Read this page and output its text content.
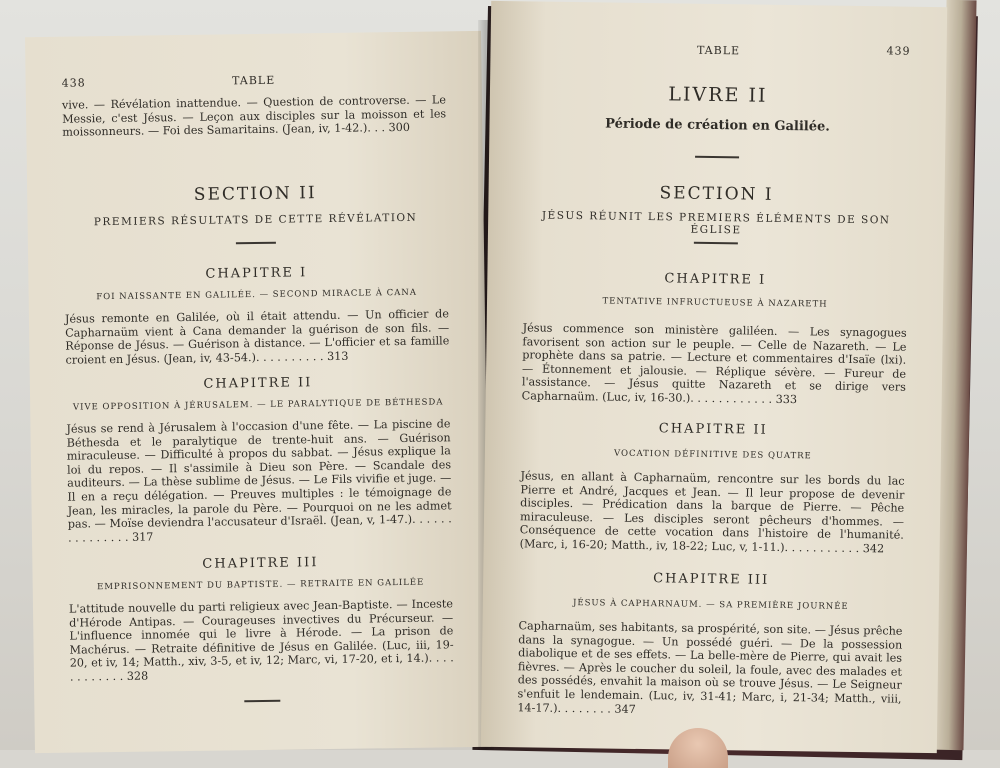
438	TABLE
vive. — Révélation inattendue. — Question de controverse. — Le Messie, c'est Jésus. — Leçon aux disciples sur la moisson et les moissonneurs. — Foi des Samaritains. (Jean, iv, 1-42.). . . 300
SECTION II
PREMIERS RÉSULTATS DE CETTE RÉVÉLATION
CHAPITRE I
FOI NAISSANTE EN GALILÉE. — SECOND MIRACLE À CANA
Jésus remonte en Galilée, où il était attendu. — Un officier de Capharnaüm vient à Cana demander la guérison de son fils. — Réponse de Jésus. — Guérison à distance. — L'officier et sa famille croient en Jésus. (Jean, iv, 43-54.). . . . . . . . . . 313
CHAPITRE II
VIVE OPPOSITION À JÉRUSALEM. — LE PARALYTIQUE DE BÉTHESDA
Jésus se rend à Jérusalem à l'occasion d'une fête. — La piscine de Béthesda et le paralytique de trente-huit ans. — Guérison miraculeuse. — Difficulté à propos du sabbat. — Jésus explique la loi du repos. — Il s'assimile à Dieu son Père. — Scandale des auditeurs. — La thèse sublime de Jésus. — Le Fils vivifie et juge. — Il en a reçu délégation. — Preuves multiples : le témoignage de Jean, les miracles, la parole du Père. — Pourquoi on ne les admet pas. — Moïse deviendra l'accusateur d'Israël. (Jean, v, 1-47.). . . . . . . . . . . . . . . 317
CHAPITRE III
EMPRISONNEMENT DU BAPTISTE. — RETRAITE EN GALILÉE
L'attitude nouvelle du parti religieux avec Jean-Baptiste. — Inceste d'Hérode Antipas. — Courageuses invectives du Précurseur. — L'influence innomée qui le livre à Hérode. — La prison de Machérus. — Retraite définitive de Jésus en Galilée. (Luc, iii, 19-20, et iv, 14; Matth., xiv, 3-5, et iv, 12; Marc, vi, 17-20, et i, 14.). . . . . . . . . . . . 328
TABLE	439
LIVRE II
Période de création en Galilée.
SECTION I
JÉSUS RÉUNIT LES PREMIERS ÉLÉMENTS DE SON ÉGLISE
CHAPITRE I
TENTATIVE INFRUCTUEUSE À NAZARETH
Jésus commence son ministère galiléen. — Les synagogues favorisent son action sur le peuple. — Celle de Nazareth. — Le prophète dans sa patrie. — Lecture et commentaires d'Isaïe (lxi). — Étonnement et jalousie. — Réplique sévère. — Fureur de l'assistance. — Jésus quitte Nazareth et se dirige vers Capharnaüm. (Luc, iv, 16-30.). . . . . . . . . . . . 333
CHAPITRE II
VOCATION DÉFINITIVE DES QUATRE
Jésus, en allant à Capharnaüm, rencontre sur les bords du lac Pierre et André, Jacques et Jean. — Il leur propose de devenir disciples. — Prédication dans la barque de Pierre. — Pêche miraculeuse. — Les disciples seront pêcheurs d'hommes. — Conséquence de cette vocation dans l'histoire de l'humanité. (Marc, i, 16-20; Matth., iv, 18-22; Luc, v, 1-11.). . . . . . . . . . . 342
CHAPITRE III
JÉSUS À CAPHARNAUM. — SA PREMIÈRE JOURNÉE
Capharnaüm, ses habitants, sa prospérité, son site. — Jésus prêche dans la synagogue. — Un possédé guéri. — De la possession diabolique et de ses effets. — La belle-mère de Pierre, qui avait les fièvres. — Après le coucher du soleil, la foule, avec des malades et des possédés, envahit la maison où se trouve Jésus. — Le Seigneur s'enfuit le lendemain. (Luc, iv, 31-41; Marc, i, 21-34; Matth., viii, 14-17.). . . . . . . . 347
